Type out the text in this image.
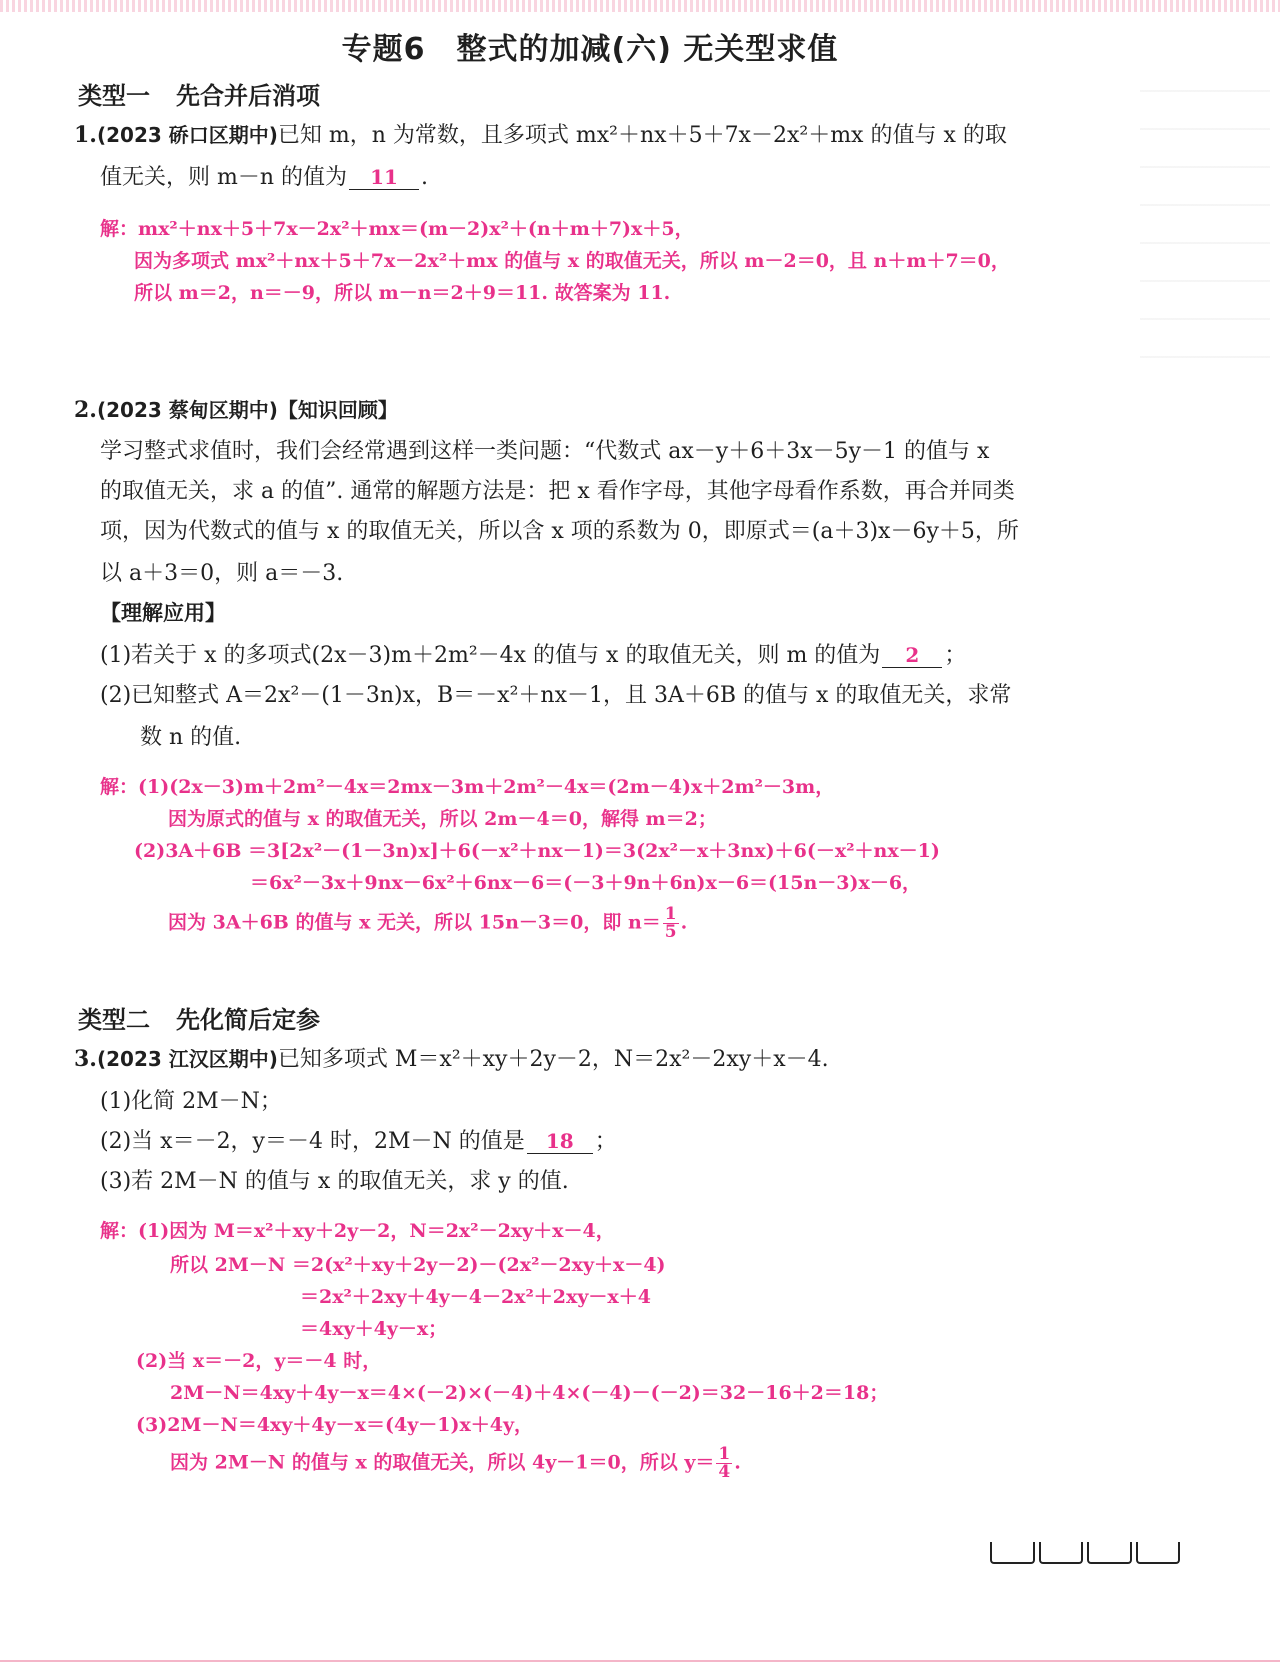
专题6　整式的加减(六) 无关型求值
类型一 先合并后消项
1.(2023 硚口区期中)已知 m，n 为常数，且多项式 mx²＋nx＋5＋7x－2x²＋mx 的值与 x 的取
值无关，则 m－n 的值为 11 .
解：mx²＋nx＋5＋7x－2x²＋mx＝(m－2)x²＋(n＋m＋7)x＋5，
因为多项式 mx²＋nx＋5＋7x－2x²＋mx 的值与 x 的取值无关，所以 m－2＝0，且 n＋m＋7＝0，
所以 m＝2，n＝－9，所以 m－n＝2＋9＝11. 故答案为 11.
2.(2023 蔡甸区期中)【知识回顾】
学习整式求值时，我们会经常遇到这样一类问题：“代数式 ax－y＋6＋3x－5y－1 的值与 x
的取值无关，求 a 的值”. 通常的解题方法是：把 x 看作字母，其他字母看作系数，再合并同类
项，因为代数式的值与 x 的取值无关，所以含 x 项的系数为 0，即原式＝(a＋3)x－6y＋5，所
以 a＋3＝0，则 a＝－3.
【理解应用】
(1)若关于 x 的多项式(2x－3)m＋2m²－4x 的值与 x 的取值无关，则 m 的值为 2 ；
(2)已知整式 A＝2x²－(1－3n)x，B＝－x²＋nx－1，且 3A＋6B 的值与 x 的取值无关，求常
数 n 的值.
解：(1)(2x－3)m＋2m²－4x＝2mx－3m＋2m²－4x＝(2m－4)x＋2m²－3m，
因为原式的值与 x 的取值无关，所以 2m－4＝0，解得 m＝2；
(2)3A＋6B ＝3[2x²－(1－3n)x]＋6(－x²＋nx－1)＝3(2x²－x＋3nx)＋6(－x²＋nx－1)
＝6x²－3x＋9nx－6x²＋6nx－6＝(－3＋9n＋6n)x－6＝(15n－3)x－6，
因为 3A＋6B 的值与 x 无关，所以 15n－3＝0，即 $n= \frac{1}{5}$ .
类型二 先化简后定参
3.(2023 江汉区期中)已知多项式 M＝x²＋xy＋2y－2，N＝2x²－2xy＋x－4.
(1)化简 2M－N；
(2)当 x＝－2，y＝－4 时，2M－N 的值是 18 ；
(3)若 2M－N 的值与 x 的取值无关，求 y 的值.
解：(1)因为 M＝x²＋xy＋2y－2，N＝2x²－2xy＋x－4，
所以 2M－N ＝2(x²＋xy＋2y－2)－(2x²－2xy＋x－4)
＝2x²＋2xy＋4y－4－2x²＋2xy－x＋4
＝4xy＋4y－x；
(2)当 x＝－2，y＝－4 时，
2M－N＝4xy＋4y－x＝4×(－2)×(－4)＋4×(－4)－(－2)＝32－16＋2＝18；
(3)2M－N＝4xy＋4y－x＝(4y－1)x＋4y，
因为 2M－N 的值与 x 的取值无关，所以 4y－1＝0，所以 $y= \frac{1}{4}$ .
